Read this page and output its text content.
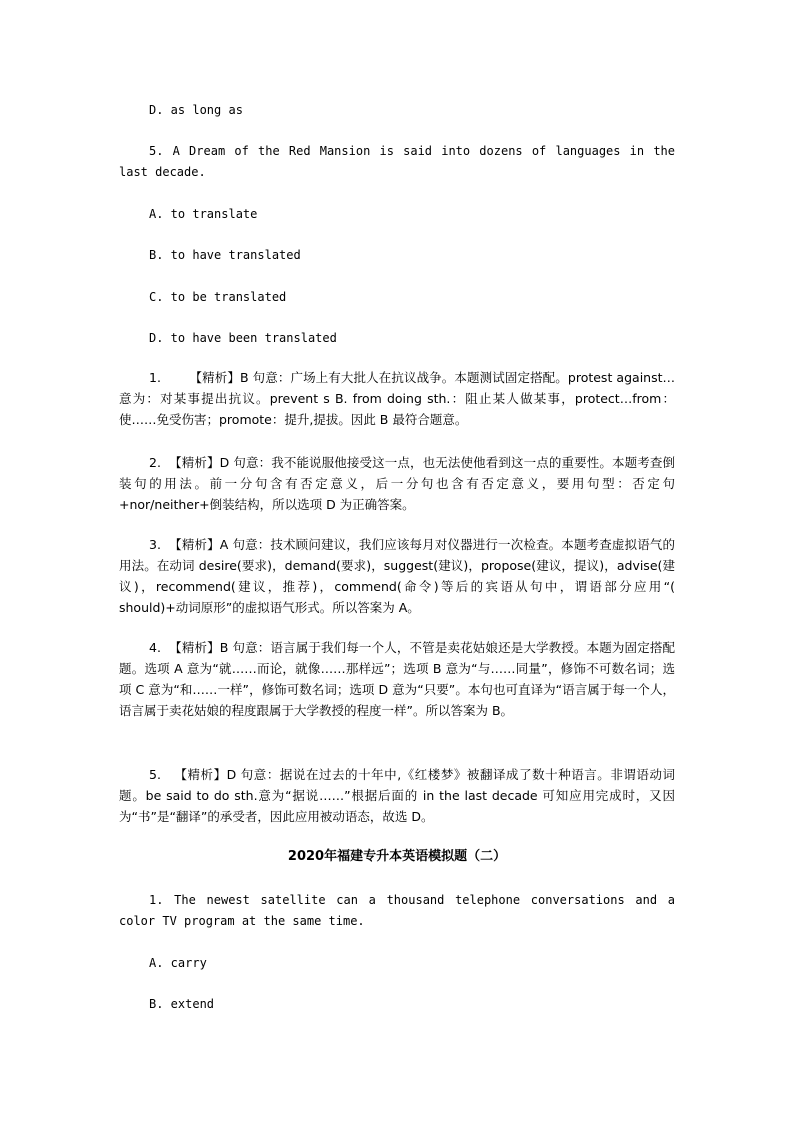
D. as long as
5. A Dream of the Red Mansion is said into dozens of languages in the last decade.
A. to translate
B. to have translated
C. to be translated
D. to have been translated
1.       【精析】B 句意：广场上有大批人在抗议战争。本题测试固定搭配。protest against…意为：对某事提出抗议。prevent s B. from doing sth.：阻止某人做某事，protect…from：使……免受伤害；promote：提升,提拔。因此 B 最符合题意。
2.  【精析】D 句意：我不能说服他接受这一点，也无法使他看到这一点的重要性。本题考查倒装句的用法。前一分句含有否定意义，后一分句也含有否定意义，要用句型：否定句+nor/neither+倒装结构，所以选项 D 为正确答案。
3.  【精析】A 句意：技术顾问建议，我们应该每月对仪器进行一次检查。本题考查虚拟语气的用法。在动词 desire(要求)，demand(要求)，suggest(建议)，propose(建议，提议)，advise(建议)，recommend(建议，推荐)，commend(命令)等后的宾语从句中，谓语部分应用“( should)+动词原形”的虚拟语气形式。所以答案为 A。
4.  【精析】B 句意：语言属于我们每一个人，不管是卖花姑娘还是大学教授。本题为固定搭配题。选项 A 意为“就……而论，就像……那样远”；选项 B 意为“与……同量”，修饰不可数名词；选项 C 意为“和……一样”，修饰可数名词；选项 D 意为“只要”。本句也可直译为“语言属于每一个人，语言属于卖花姑娘的程度跟属于大学教授的程度一样”。所以答案为 B。
5.   【精析】D 句意：据说在过去的十年中,《红楼梦》被翻译成了数十种语言。非谓语动词题。be said to do sth.意为“据说……”根据后面的 in the last decade 可知应用完成时，又因为“书”是“翻译”的承受者，因此应用被动语态，故选 D。
2020年福建专升本英语模拟题（二）
1. The newest satellite can a thousand telephone conversations and a color TV program at the same time.
A. carry
B. extend
